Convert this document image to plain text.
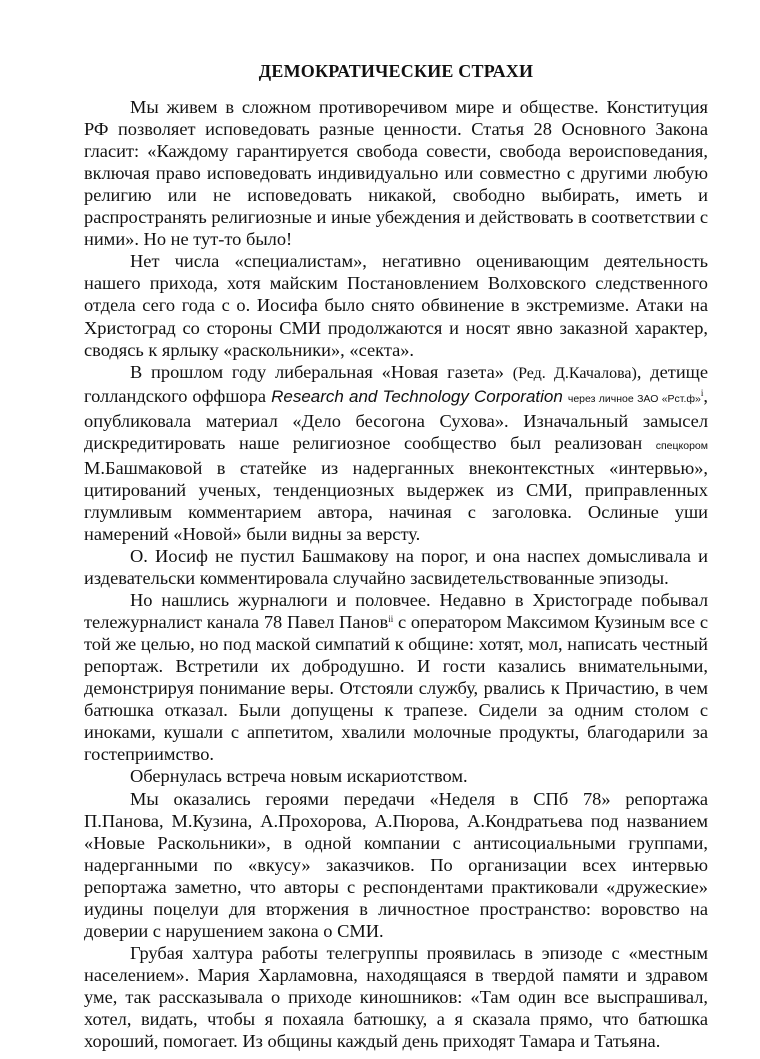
ДЕМОКРАТИЧЕСКИЕ СТРАХИ

Мы живем в сложном противоречивом мире и обществе. Конституция РФ позволяет исповедовать разные ценности. Статья 28 Основного Закона гласит: «Каждому гарантируется свобода совести, свобода вероисповедания, включая право исповедовать индивидуально или совместно с другими любую религию или не исповедовать никакой, свободно выбирать, иметь и распространять религиозные и иные убеждения и действовать в соответствии с ними». Но не тут-то было!

Нет числа «специалистам», негативно оценивающим деятельность нашего прихода, хотя майским Постановлением Волховского следственного отдела сего года с о. Иосифа было снято обвинение в экстремизме. Атаки на Христоград со стороны СМИ продолжаются и носят явно заказной характер, сводясь к ярлыку «раскольники», «секта».

В прошлом году либеральная «Новая газета» (Ред. Д.Качалова), детище голландского оффшора Research and Technology Corporation через личное ЗАО «Рст.ф»$^i$, опубликовала материал «Дело бесогона Сухова». Изначальный замысел дискредитировать наше религиозное сообщество был реализован спецкором М.Башмаковой в статейке из надерганных внеконтекстных «интервью», цитирований ученых, тенденциозных выдержек из СМИ, приправленных глумливым комментарием автора, начиная с заголовка. Ослиные уши намерений «Новой» были видны за версту.

О. Иосиф не пустил Башмакову на порог, и она наспех домысливала и издевательски комментировала случайно засвидетельствованные эпизоды.

Но нашлись журналюги и половчее. Недавно в Христограде побывал тележурналист канала 78 Павел Панов$^{ii}$ с оператором Максимом Кузиным все с той же целью, но под маской симпатий к общине: хотят, мол, написать честный репортаж. Встретили их добродушно. И гости казались внимательными, демонстрируя понимание веры. Отстояли службу, рвались к Причастию, в чем батюшка отказал. Были допущены к трапезе. Сидели за одним столом с иноками, кушали с аппетитом, хвалили молочные продукты, благодарили за гостеприимство.

Обернулась встреча новым искариотством.

Мы оказались героями передачи «Неделя в СПб 78» репортажа П.Панова, М.Кузина, А.Прохорова, А.Пюрова, А.Кондратьева под названием «Новые Раскольники», в одной компании с антисоциальными группами, надерганными по «вкусу» заказчиков. По организации всех интервью репортажа заметно, что авторы с респондентами практиковали «дружеские» иудины поцелуи для вторжения в личностное пространство: воровство на доверии с нарушением закона о СМИ.

Грубая халтура работы телегруппы проявилась в эпизоде с «местным населением». Мария Харламовна, находящаяся в твердой памяти и здравом уме, так рассказывала о приходе киношников: «Там один все выспрашивал, хотел, видать, чтобы я похаяла батюшку, а я сказала прямо, что батюшка хороший, помогает. Из общины каждый день приходят Тамара и Татьяна.
